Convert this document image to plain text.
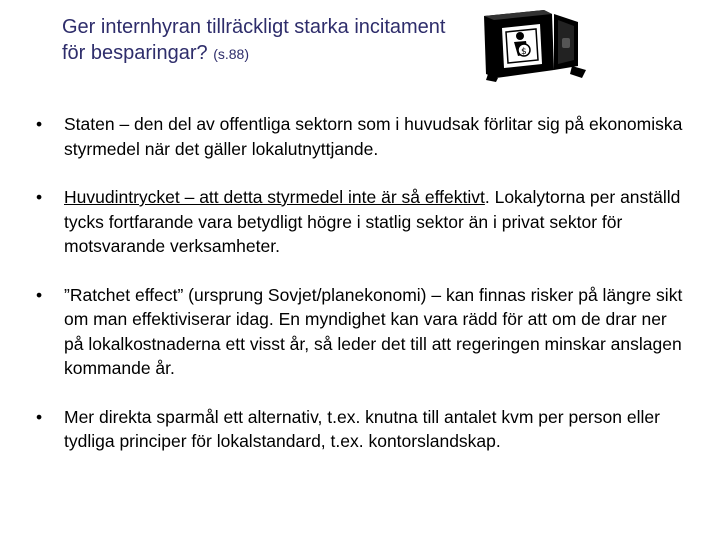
Ger internhyran tillräckligt starka incitament för besparingar? (s.88)	$
• Staten – den del av offentliga sektorn som i huvudsak förlitar sig på ekonomiska styrmedel när det gäller lokalutnyttjande.
• Huvudintrycket – att detta styrmedel inte är så effektivt. Lokalytorna per anställd tycks fortfarande vara betydligt högre i statlig sektor än i privat sektor för motsvarande verksamheter.
• ”Ratchet effect” (ursprung Sovjet/planekonomi) – kan finnas risker på längre sikt om man effektiviserar idag. En myndighet kan vara rädd för att om de drar ner på lokalkostnaderna ett visst år, så leder det till att regeringen minskar anslagen kommande år.
• Mer direkta sparmål ett alternativ, t.ex. knutna till antalet kvm per person eller tydliga principer för lokalstandard, t.ex. kontorslandskap.
